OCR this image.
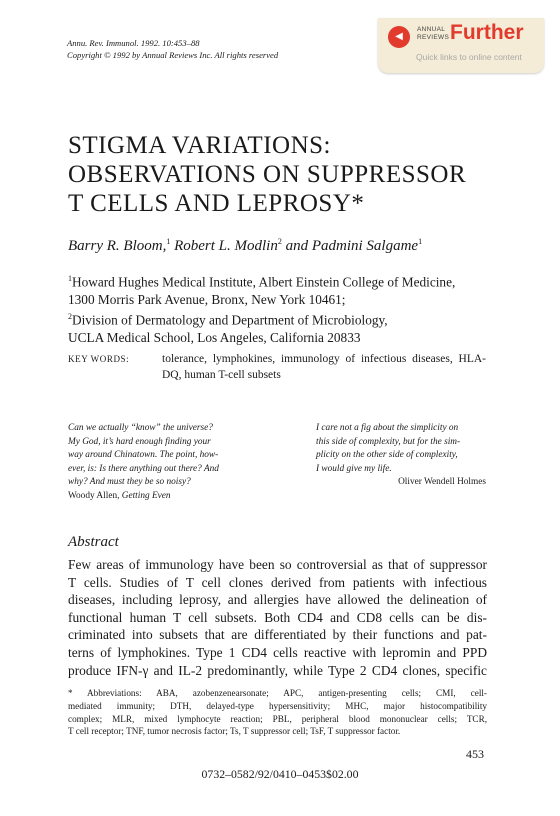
Annu. Rev. Immunol. 1992. 10:453–88
Copyright © 1992 by Annual Reviews Inc. All rights reserved
◀
ANNUAL
REVIEWS Further
Quick links to online content
STIGMA VARIATIONS:
OBSERVATIONS ON SUPPRESSOR
T CELLS AND LEPROSY*
Barry R. Bloom,$^1$ Robert L. Modlin$^2$ and Padmini Salgame$^1$
$^1$Howard Hughes Medical Institute, Albert Einstein College of Medicine,
1300 Morris Park Avenue, Bronx, New York 10461;
$^2$Division of Dermatology and Department of Microbiology,
UCLA Medical School, Los Angeles, California 20833
KEY WORDS:	tolerance, lymphokines, immunology of infectious diseases, HLA-DQ, human T-cell subsets
Can we actually “know” the universe?
My God, it’s hard enough finding your
way around Chinatown. The point, how-
ever, is: Is there anything out there? And
why? And must they be so noisy?
Woody Allen, Getting Even
I care not a fig about the simplicity on
this side of complexity, but for the sim-
plicity on the other side of complexity,
I would give my life.
Oliver Wendell Holmes
Abstract
Few areas of immunology have been so controversial as that of suppressor
T cells. Studies of T cell clones derived from patients with infectious
diseases, including leprosy, and allergies have allowed the delineation of
functional human T cell subsets. Both CD4 and CD8 cells can be dis-
criminated into subsets that are differentiated by their functions and pat-
terns of lymphokines. Type 1 CD4 cells reactive with lepromin and PPD
produce IFN-γ and IL-2 predominantly, while Type 2 CD4 clones, specific
* Abbreviations: ABA, azobenzenearsonate; APC, antigen-presenting cells; CMI, cell-
mediated immunity; DTH, delayed-type hypersensitivity; MHC, major histocompatibility
complex; MLR, mixed lymphocyte reaction; PBL, peripheral blood mononuclear cells; TCR,
T cell receptor; TNF, tumor necrosis factor; Ts, T suppressor cell; TsF, T suppressor factor.
453
0732–0582/92/0410–0453$02.00
